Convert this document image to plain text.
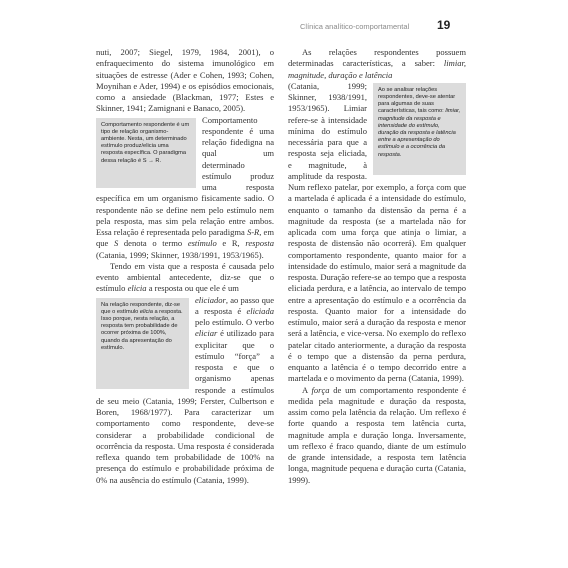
Clínica analítico-comportamental	19

nuti, 2007; Siegel, 1979, 1984, 2001), o enfraquecimento do sistema imunológico em situações de estresse (Ader e Cohen, 1993; Cohen, Moynihan e Ader, 1994) e os episódios emocionais, como a ansiedade (Blackman, 1977; Estes e Skinner, 1941; Zamignani e Banaco, 2005).

Comportamento respondente é um tipo de relação organismo-ambiente. Nesta, um determinado estímulo produz/elicia uma resposta específica. O paradigma dessa relação é S → R.

Comportamento respondente é uma relação fidedigna na qual um determinado estímulo produz uma resposta específica em um organismo fisicamente sadio. O respondente não se define nem pelo estímulo nem pela resposta, mas sim pela relação entre ambos. Essa relação é representada pelo paradigma S-R, em que S denota o termo estímulo e R, resposta (Catania, 1999; Skinner, 1938/1991, 1953/1965).

Tendo em vista que a resposta é causada pelo evento ambiental antecedente, diz-se que o estímulo elicia a resposta ou que ele é um

Na relação respondente, diz-se que o estímulo elicia a resposta. Isso porque, nesta relação, a resposta tem probabilidade de ocorrer próxima de 100%, quando da apresentação do estímulo.

eliciador, ao passo que a resposta é eliciada pelo estímulo. O verbo eliciar é utilizado para explicitar que o estímulo “força” a resposta e que o organismo apenas responde a estímulos de seu meio (Catania, 1999; Ferster, Culbertson e Boren, 1968/1977). Para caracterizar um comportamento como respondente, deve-se considerar a probabilidade condicional de ocorrência da resposta. Uma resposta é considerada reflexa quando tem probabilidade de 100% na presença do estímulo e probabilidade próxima de 0% na ausência do estímulo (Catania, 1999).

As relações respondentes possuem determinadas características, a saber: limiar, magnitude, duração e latência

Ao se analisar relações respondentes, deve-se atentar para algumas de suas características, tais como: limiar, magnitude da resposta e intensidade do estímulo, duração da resposta e latência entre a apresentação do estímulo e a ocorrência da resposta.

(Catania, 1999; Skinner, 1938/1991, 1953/1965). Limiar refere-se à intensidade mínima do estímulo necessária para que a resposta seja eliciada, e magnitude, à amplitude da resposta. Num reflexo patelar, por exemplo, a força com que a martelada é aplicada é a intensidade do estímulo, enquanto o tamanho da distensão da perna é a magnitude da resposta (se a martelada não for aplicada com uma força que atinja o limiar, a resposta de distensão não ocorrerá). Em qualquer comportamento respondente, quanto maior for a intensidade do estímulo, maior será a magnitude da resposta. Duração refere-se ao tempo que a resposta eliciada perdura, e a latência, ao intervalo de tempo entre a apresentação do estímulo e a ocorrência da resposta. Quanto maior for a intensidade do estímulo, maior será a duração da resposta e menor será a latência, e vice-versa. No exemplo do reflexo patelar citado anteriormente, a duração da resposta é o tempo que a distensão da perna perdura, enquanto a latência é o tempo decorrido entre a martelada e o movimento da perna (Catania, 1999).

A força de um comportamento respondente é medida pela magnitude e duração da resposta, assim como pela latência da relação. Um reflexo é forte quando a resposta tem latência curta, magnitude ampla e duração longa. Inversamente, um reflexo é fraco quando, diante de um estímulo de grande intensidade, a resposta tem latência longa, magnitude pequena e duração curta (Catania, 1999).
